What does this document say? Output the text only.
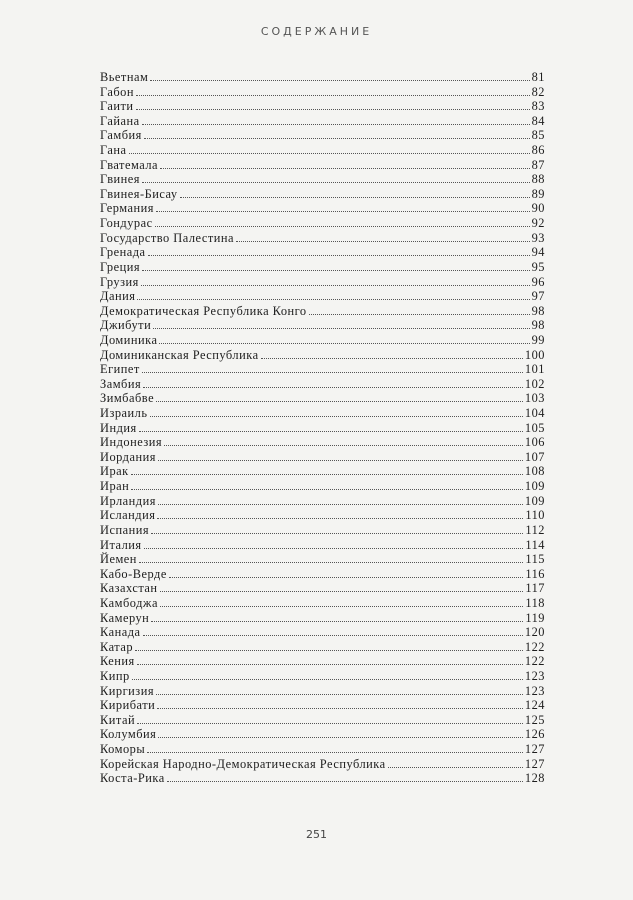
СОДЕРЖАНИЕ
Вьетнам	81
Габон	82
Гаити	83
Гайана	84
Гамбия	85
Гана	86
Гватемала	87
Гвинея	88
Гвинея-Бисау	89
Германия	90
Гондурас	92
Государство Палестина	93
Гренада	94
Греция	95
Грузия	96
Дания	97
Демократическая Республика Конго	98
Джибути	98
Доминика	99
Доминиканская Республика	100
Египет	101
Замбия	102
Зимбабве	103
Израиль	104
Индия	105
Индонезия	106
Иордания	107
Ирак	108
Иран	109
Ирландия	109
Исландия	110
Испания	112
Италия	114
Йемен	115
Кабо-Верде	116
Казахстан	117
Камбоджа	118
Камерун	119
Канада	120
Катар	122
Кения	122
Кипр	123
Киргизия	123
Кирибати	124
Китай	125
Колумбия	126
Коморы	127
Корейская Народно-Демократическая Республика	127
Коста-Рика	128
251
